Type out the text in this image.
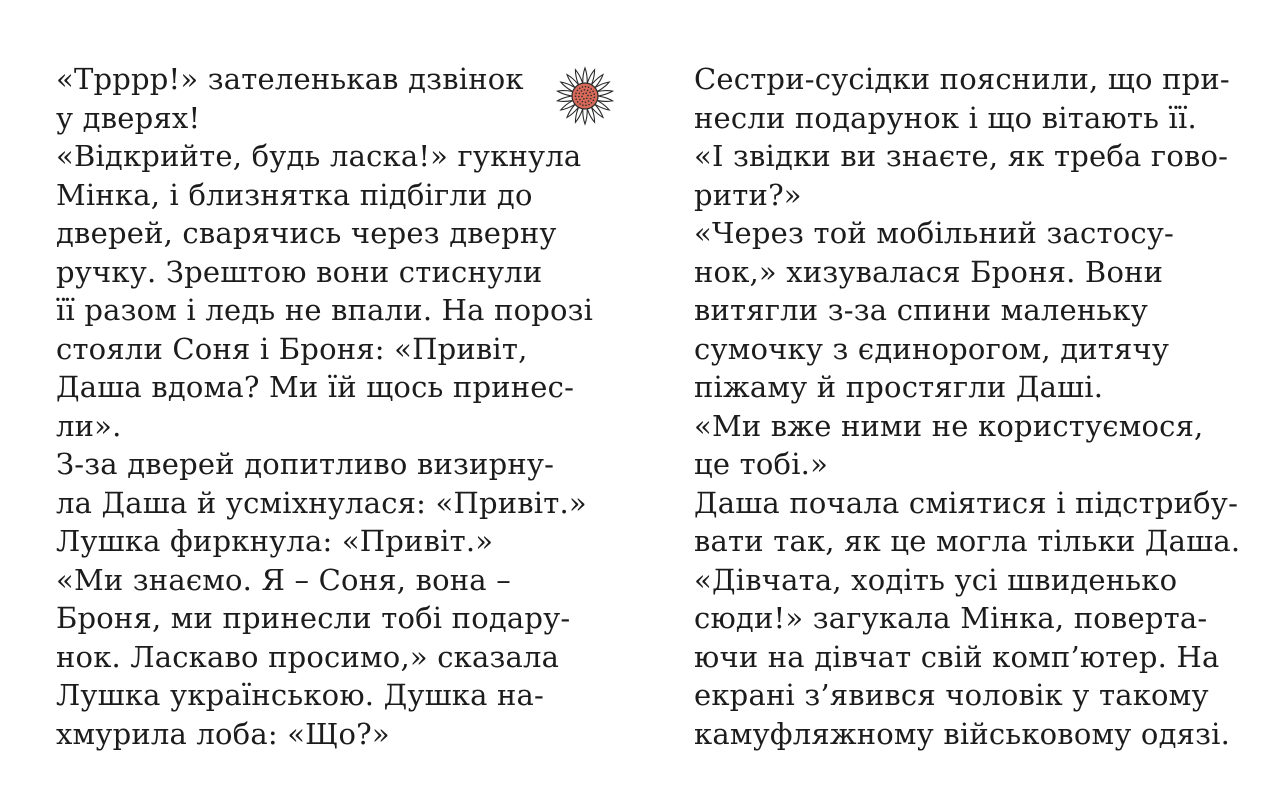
«Трррр!» зателенькав дзвінок
у дверях!
«Відкрийте, будь ласка!» гукнула
Мінка, і близнятка підбігли до
дверей, сварячись через дверну
ручку. Зрештою вони стиснули
її разом і ледь не впали. На порозі
стояли Соня і Броня: «Привіт,
Даша вдома? Ми їй щось принес-
ли».
З-за дверей допитливо визирну-
ла Даша й усміхнулася: «Привіт.»
Лушка фиркнула: «Привіт.»
«Ми знаємо. Я – Соня, вона –
Броня, ми принесли тобі подару-
нок. Ласкаво просимо,» сказала
Лушка українською. Душка на-
хмурила лоба: «Що?»
Сестри-сусідки пояснили, що при-
несли подарунок і що вітають її.
«І звідки ви знаєте, як треба гово-
рити?»
«Через той мобільний застосу-
нок,» хизувалася Броня. Вони
витягли з-за спини маленьку
сумочку з єдинорогом, дитячу
піжаму й простягли Даші.
«Ми вже ними не користуємося,
це тобі.»
Даша почала сміятися і підстрибу-
вати так, як це могла тільки Даша.
«Дівчата, ходіть усі швиденько
сюди!» загукала Мінка, поверта-
ючи на дівчат свій комп’ютер. На
екрані з’явився чоловік у такому
камуфляжному військовому одязі.
